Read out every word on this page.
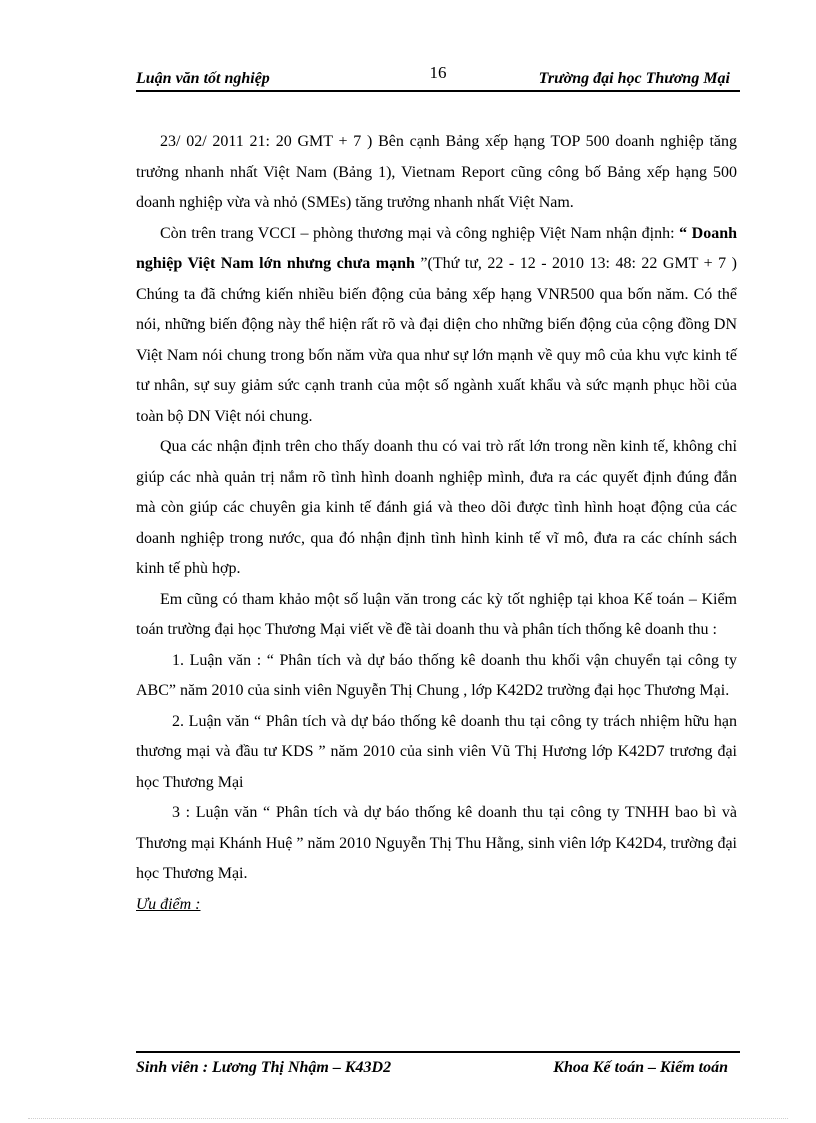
Luận văn tốt nghiệp	16	Trường đại học Thương Mại

23/ 02/ 2011 21: 20 GMT + 7 ) Bên cạnh Bảng xếp hạng TOP 500 doanh nghiệp tăng trưởng nhanh nhất Việt Nam (Bảng 1), Vietnam Report cũng công bố Bảng xếp hạng 500 doanh nghiệp vừa và nhỏ (SMEs) tăng trưởng nhanh nhất Việt Nam.

Còn trên trang VCCI – phòng thương mại và công nghiệp Việt Nam nhận định: “ Doanh nghiệp Việt Nam lớn nhưng chưa mạnh ”(Thứ tư, 22 - 12 - 2010 13: 48: 22 GMT + 7 ) Chúng ta đã chứng kiến nhiều biến động của bảng xếp hạng VNR500 qua bốn năm. Có thể nói, những biến động này thể hiện rất rõ và đại diện cho những biến động của cộng đồng DN Việt Nam nói chung trong bốn năm vừa qua như sự lớn mạnh về quy mô của khu vực kinh tế tư nhân, sự suy giảm sức cạnh tranh của một số ngành xuất khẩu và sức mạnh phục hồi của toàn bộ DN Việt nói chung.

Qua các nhận định trên cho thấy doanh thu có vai trò rất lớn trong nền kinh tế, không chỉ giúp các nhà quản trị nắm rõ tình hình doanh nghiệp mình, đưa ra các quyết định đúng đắn mà còn giúp các chuyên gia kinh tế đánh giá và theo dõi được tình hình hoạt động của các doanh nghiệp trong nước, qua đó nhận định tình hình kinh tế vĩ mô, đưa ra các chính sách kinh tế phù hợp.

Em cũng có tham khảo một số luận văn trong các kỳ tốt nghiệp tại khoa Kế toán – Kiểm toán trường đại học Thương Mại viết về đề tài doanh thu và phân tích thống kê doanh thu :

1. Luận văn : “ Phân tích và dự báo thống kê doanh thu khối vận chuyển tại công ty ABC” năm 2010 của sinh viên Nguyễn Thị Chung , lớp K42D2 trường đại học Thương Mại.

2. Luận văn “ Phân tích và dự báo thống kê doanh thu tại công ty trách nhiệm hữu hạn thương mại và đầu tư KDS ” năm 2010 của sinh viên Vũ Thị Hương lớp K42D7 trương đại học Thương Mại

3 : Luận văn “ Phân tích và dự báo thống kê doanh thu tại công ty TNHH bao bì và Thương mại Khánh Huệ ” năm 2010 Nguyễn Thị Thu Hằng, sinh viên lớp K42D4, trường đại học Thương Mại.

Ưu điểm :

Sinh viên : Lương Thị Nhậm – K43D2	Khoa Kế toán – Kiểm toán
